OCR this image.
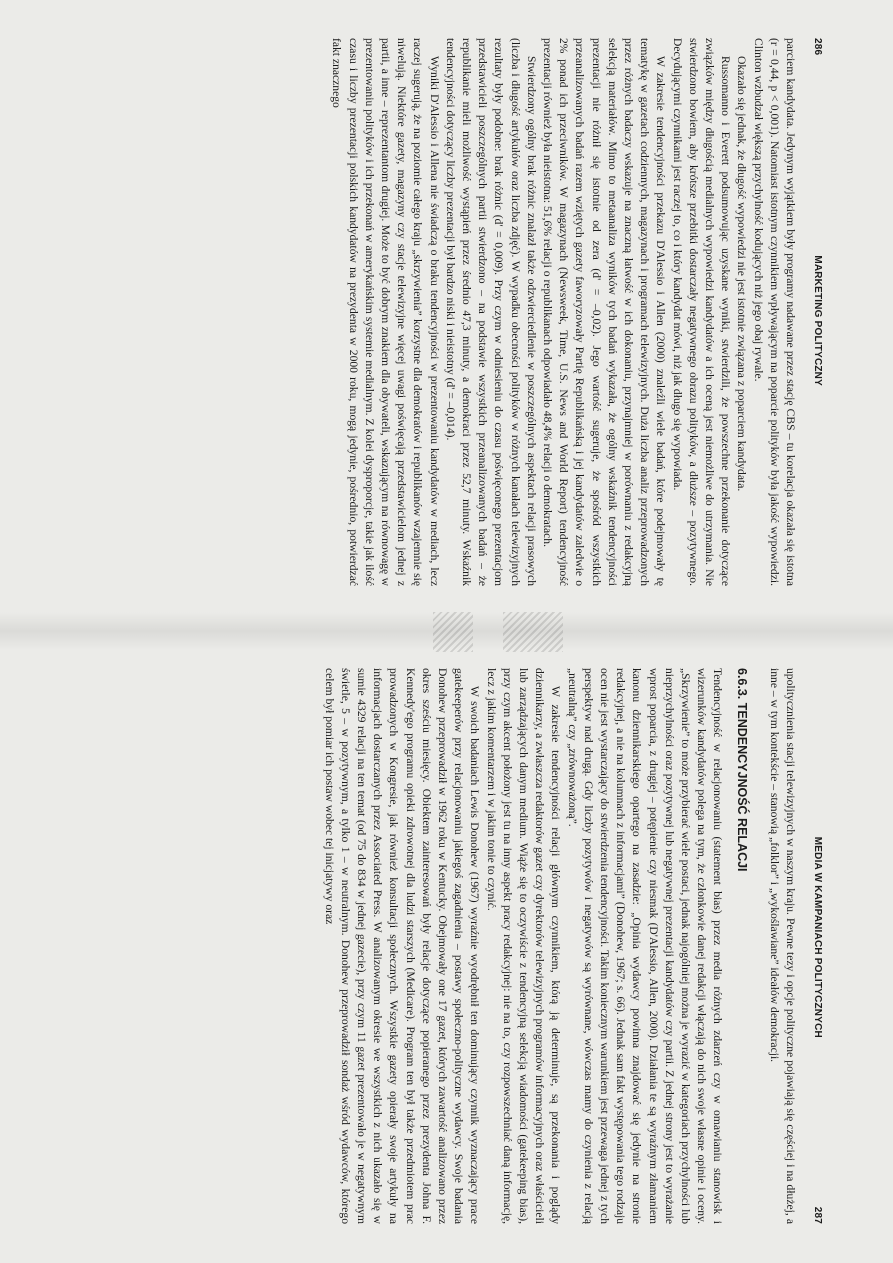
286
MARKETING POLITYCZNY

parciem kandydata. Jedynym wyjątkiem były programy nadawane przez stację CBS – tu korelacja okazała się istotna (r = 0,44, p < 0,001). Natomiast istotnym czynnikiem wpływającym na poparcie polityków była jakość wypowiedzi. Clinton wzbudzał większą przychylność kodujących niż jego obaj rywale.

Okazało się jednak, że długość wypowiedzi nie jest istotnie związana z poparciem kandydata.

Russomanno i Everett podsumowując uzyskane wyniki, stwierdzili, że powszechne przekonanie dotyczące związków między długością medialnych wypowiedzi kandydatów a ich oceną jest niemożliwe do utrzymania. Nie stwierdzono bowiem, aby krótsze przebitki dostarczały negatywnego obrazu polityków, a dłuższe – pozytywnego. Decydującymi czynnikami jest raczej to, co i który kandydat mówi, niż jak długo się wypowiada.

W zakresie tendencyjności przekazu D'Alessio i Allen (2000) znaleźli wiele badań, które podejmowały tę tematykę w gazetach codziennych, magazynach i programach telewizyjnych. Duża liczba analiz przeprowadzonych przez różnych badaczy wskazuje na znaczną łatwość w ich dokonaniu, przynajmniej w porównaniu z redakcyjną selekcją materiałów. Mimo to metaanaliza wyników tych badań wykazała, że ogólny wskaźnik tendencyjności prezentacji nie różnił się istotnie od zera (d' = –0,02). Jego wartość sugeruje, że spośród wszystkich przeanalizowanych badań razem wziętych gazety faworyzowały Partię Republikańską i jej kandydatów zaledwie o 2% ponad ich przeciwników. W magazynach (Newsweek, Time, U.S. News and World Report) tendencyjność prezentacji również była nieistotna: 51,6% relacji o republikanach odpowiadało 48,4% relacji o demokratach.

Stwierdzony ogólny brak różnic znalazł także odzwierciedlenie w poszczególnych aspektach relacji prasowych (liczba i długość artykułów oraz liczba zdjęć). W wypadku obecności polityków w różnych kanałach telewizyjnych rezultaty były podobne: brak różnic (d' = 0,009). Przy czym w odniesieniu do czasu poświęconego prezentacjom przedstawicieli poszczególnych partii stwierdzono – na podstawie wszystkich przeanalizowanych badań – że republikanie mieli możliwość wystąpień przez średnio 47,3 minuty, a demokraci przez 52,7 minuty. Wskaźnik tendencyjności dotyczący liczby prezentacji był bardzo niski i nieistotny (d' = –0,014).

Wyniki D'Alessio i Allena nie świadczą o braku tendencyjności w prezentowaniu kandydatów w mediach, lecz raczej sugerują, że na poziomie całego kraju „skrzywienia” korzystne dla demokratów i republikanów wzajemnie się niwelują. Niektóre gazety, magazyny czy stacje telewizyjne więcej uwagi poświęcają przedstawicielom jednej z partii, a inne – reprezentantom drugiej. Może to być dobrym znakiem dla obywateli, wskazującym na równowagę w prezentowaniu polityków i ich przekonań w amerykańskim systemie medialnym. Z kolei dysproporcje, takie jak ilość czasu i liczby prezentacji polskich kandydatów na prezydenta w 2000 roku, mogą jedynie, pośrednio, potwierdzać fakt znacznego

MEDIA W KAMPANIACH POLITYCZNYCH
287

upolitycznienia stacji telewizyjnych w naszym kraju. Pewne tezy i opcje polityczne pojawiają się częściej i na dłużej, a inne – w tym kontekście – stanowią „folklor” i „wykoślawiane” ideałów demokracji.

6.6.3. TENDENCYJNOŚĆ RELACJI

Tendencyjność w relacjonowaniu (statement bias) przez media różnych zdarzeń czy w omawianiu stanowisk i wizerunków kandydatów polega na tym, że członkowie danej redakcji włączają do nich swoje własne opinie i oceny. „Skrzywienie” to może przybierać wiele postaci, jednak najogólniej można je wyrazić w kategoriach przychylności lub nieprzychylności oraz pozytywnej lub negatywnej prezentacji kandydatów czy partii. Z jednej strony jest to wyrażanie wprost poparcia, z drugiej – potępienie czy niesmak (D'Alessio, Allen, 2000). Działania te są wyraźnym złamaniem kanonu dziennikarskiego opartego na zasadzie: „Opinia wydawcy powinna znajdować się jedynie na stronie redakcyjnej, a nie na kolumnach z informacjami” (Donohew, 1967; s. 66). Jednak sam fakt występowania tego rodzaju ocen nie jest wystarczający do stwierdzenia tendencyjności. Takim koniecznym warunkiem jest przewaga jednej z tych perspektyw nad drugą. Gdy liczby pozytywów i negatywów są wyrównane, wówczas mamy do czynienia z relacją „neutralną” czy „zrównoważoną”.

W zakresie tendencyjności relacji głównym czynnikiem, którą ją determinuje, są przekonania i poglądy dziennikarzy, a zwłaszcza redaktorów gazet czy dyrektorów telewizyjnych programów informacyjnych oraz właścicieli lub zarządzających danym medium. Wiąże się to oczywiście z tendencyjną selekcją wiadomości (gatekeeping bias), przy czym akcent położony jest tu na inny aspekt pracy redakcyjnej: nie na to, czy rozpowszechniać daną informację, lecz z jakim komentarzem i w jakim tonie to czynić.

W swoich badaniach Lewis Donohew (1967) wyraźnie wyodrębnił ten dominujący czynnik wyznaczający prace gatekeeperów przy relacjonowaniu jakiegoś zagadnienia – postawy społeczno-polityczne wydawcy. Swoje badania Donohew przeprowadził w 1962 roku w Kentucky. Obejmowały one 17 gazet, których zawartość analizowano przez okres sześciu miesięcy. Obiektem zainteresowań były relacje dotyczące popieranego przez prezydenta Johna F. Kennedy'ego programu opieki zdrowotnej dla ludzi starszych (Medicare). Program ten był także przedmiotem prac prowadzonych w Kongresie, jak również konsultacji społecznych. Wszystkie gazety opierały swoje artykuły na informacjach dostarczanych przez Associated Press. W analizowanym okresie we wszystkich z nich ukazało się w sumie 4329 relacji na ten temat (od 75 do 834 w jednej gazecie), przy czym 11 gazet prezentowało je w negatywnym świetle, 5 – w pozytywnym, a tylko 1 – w neutralnym. Donohew przeprowadził sondaż wśród wydawców, którego celem był pomiar ich postaw wobec tej inicjatywy oraz
